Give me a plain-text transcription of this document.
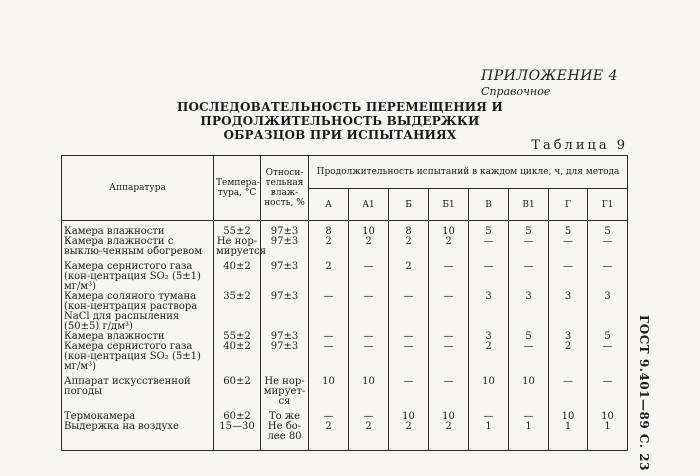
ПРИЛОЖЕНИЕ 4
Справочное
ПОСЛЕДОВАТЕЛЬНОСТЬ ПЕРЕМЕЩЕНИЯ И ПРОДОЛЖИТЕЛЬНОСТЬ ВЫДЕРЖКИ
ОБРАЗЦОВ ПРИ ИСПЫТАНИЯХ
Таблица 9
ГОСТ 9.401—89 С. 23
Аппаратура	Темпера-тура, °С	Относи-тельная влаж-ность, %	Продолжительность испытаний в каждом цикле, ч, для метода							
			А	А1	Б	Б1	В	В1	Г	Г1
Камера влажности	55±2	97±3	8	10	8	10	5	5	5	5
Камера влажности с выклю-ченным обогревом	Не нор-мируется	97±3	2	2	2	2	—	—	—	—
Камера сернистого газа (кон-центрация SO₂ (5±1) мг/м³)	40±2	97±3	2	—	2	—	—	—	—	—
Камера соляного тумана (кон-центрация раствора NaCl для распыления (50±5) г/дм³)	35±2	97±3	—	—	—	—	3	3	3	3
Камера влажности	55±2	97±3	—	—	—	—	3	5	3	5
Камера сернистого газа (кон-центрация SO₂ (5±1) мг/м³)	40±2	97±3	—	—	—	—	2	—	2	—
Аппарат искусственной погоды	60±2	Не нор-мирует-ся	10	10	—	—	10	10	—	—
Термокамера	60±2	То же	—	—	10	10	—	—	10	10
Выдержка на воздухе	15—30	Не бо-лее 80	2	2	2	2	1	1	1	1
